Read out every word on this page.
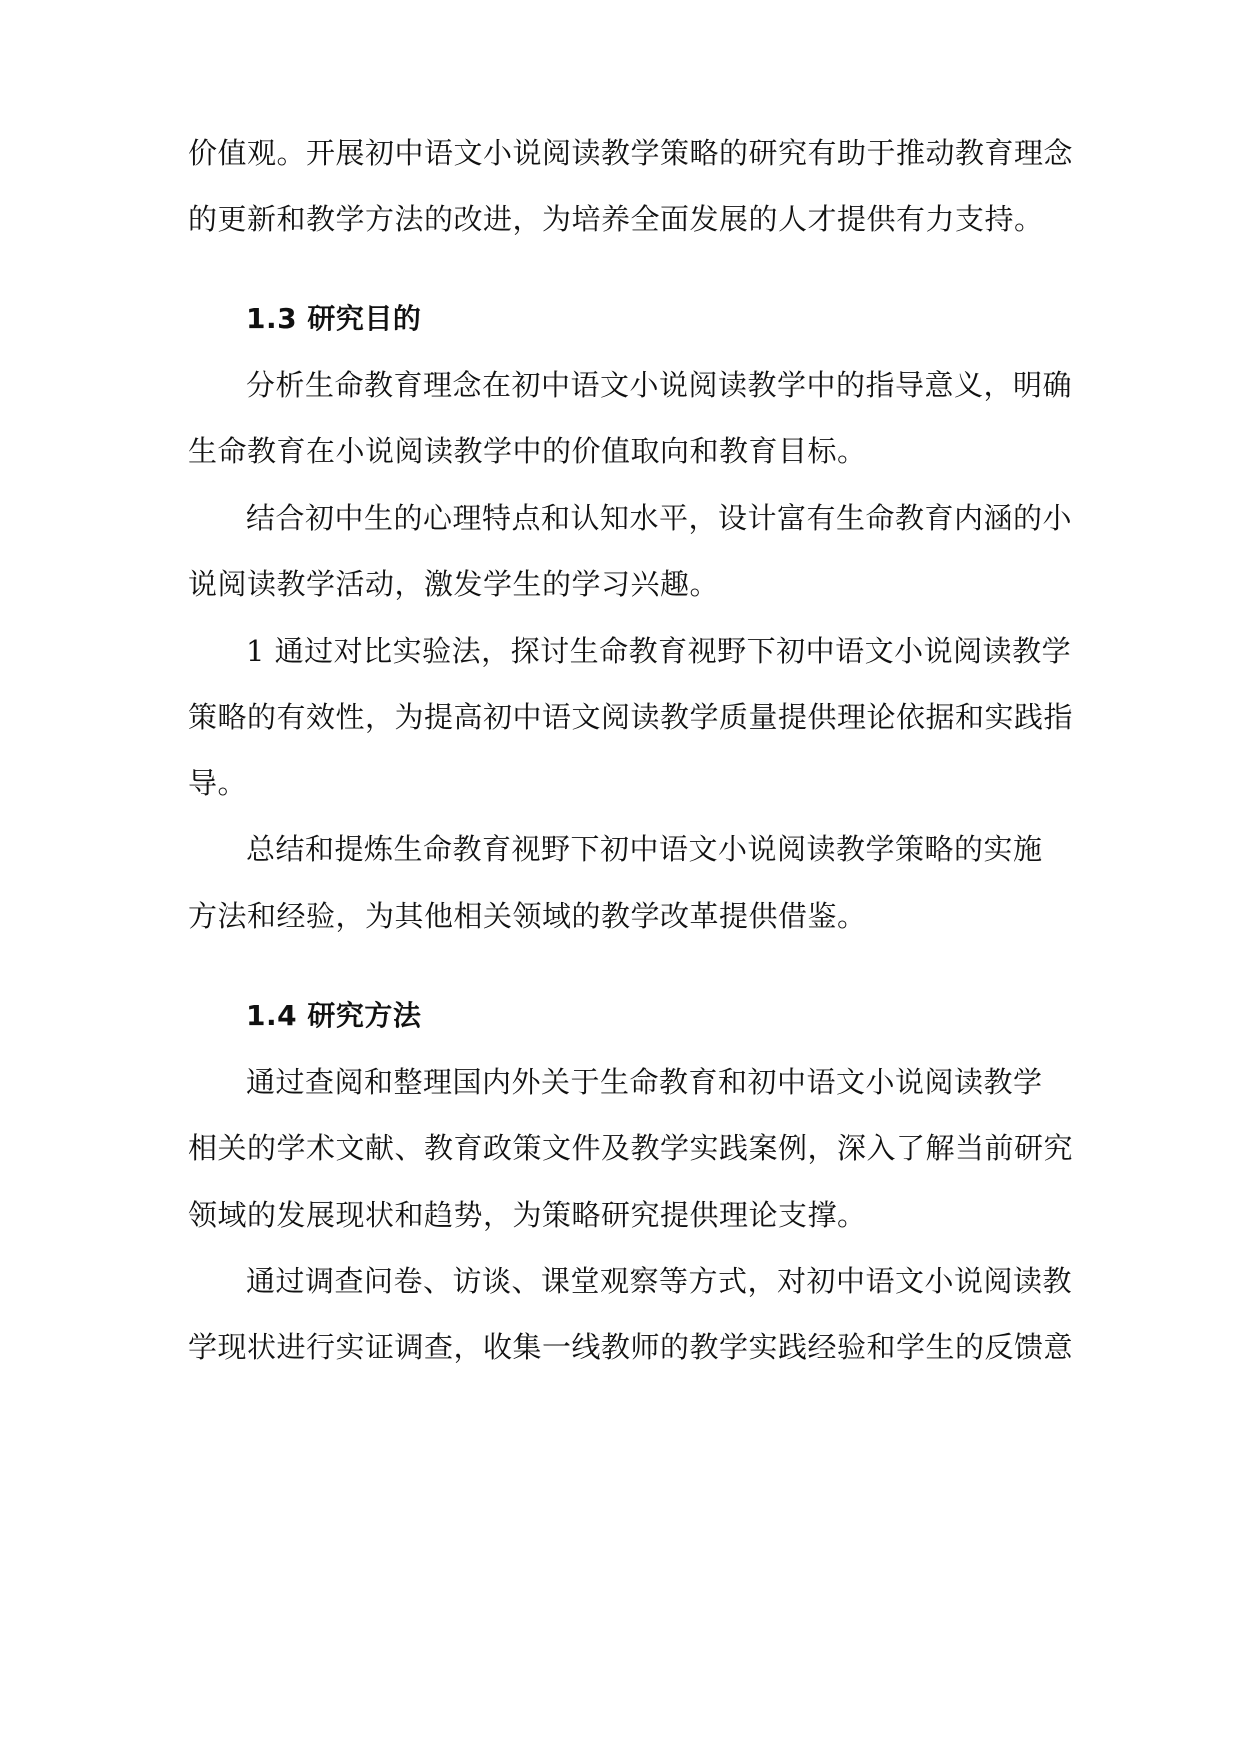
价值观。开展初中语文小说阅读教学策略的研究有助于推动教育理念
的更新和教学方法的改进，为培养全面发展的人才提供有力支持。
1.3 研究目的
分析生命教育理念在初中语文小说阅读教学中的指导意义，明确
生命教育在小说阅读教学中的价值取向和教育目标。
结合初中生的心理特点和认知水平，设计富有生命教育内涵的小
说阅读教学活动，激发学生的学习兴趣。
1 通过对比实验法，探讨生命教育视野下初中语文小说阅读教学
策略的有效性，为提高初中语文阅读教学质量提供理论依据和实践指
导。
总结和提炼生命教育视野下初中语文小说阅读教学策略的实施
方法和经验，为其他相关领域的教学改革提供借鉴。
1.4 研究方法
通过查阅和整理国内外关于生命教育和初中语文小说阅读教学
相关的学术文献、教育政策文件及教学实践案例，深入了解当前研究
领域的发展现状和趋势，为策略研究提供理论支撑。
通过调查问卷、访谈、课堂观察等方式，对初中语文小说阅读教
学现状进行实证调查，收集一线教师的教学实践经验和学生的反馈意
